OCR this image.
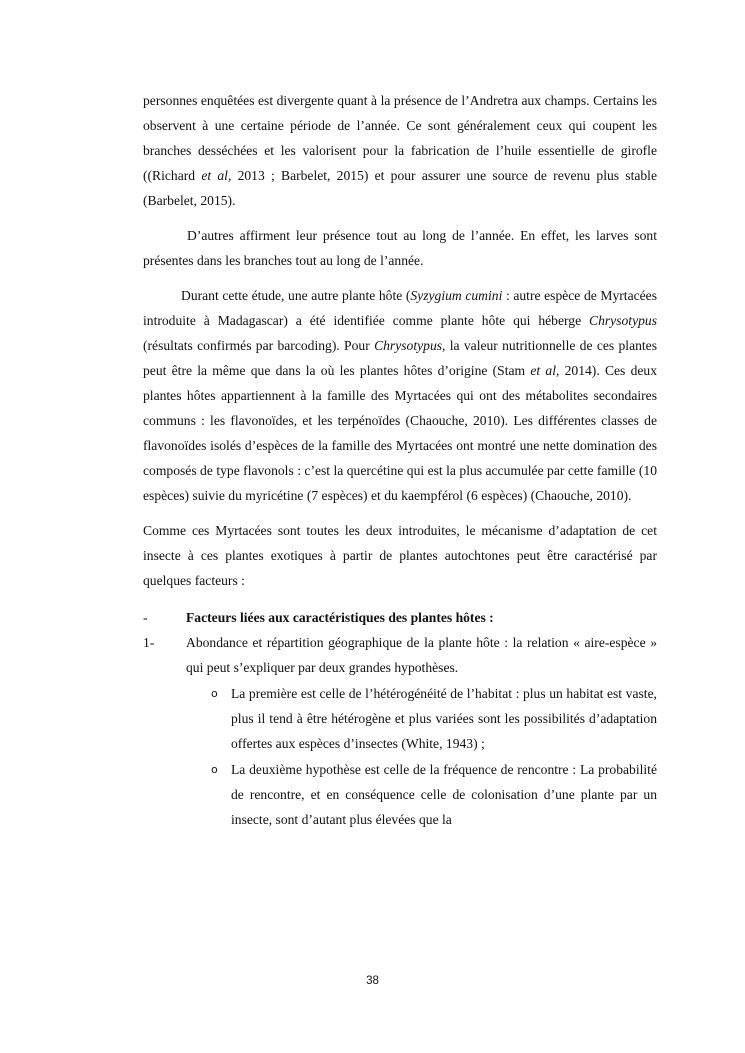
personnes enquêtées est divergente quant à la présence de l’Andretra aux champs. Certains les observent à une certaine période de l’année. Ce sont généralement ceux qui coupent les branches desséchées et les valorisent pour la fabrication de l’huile essentielle de girofle ((Richard et al, 2013 ; Barbelet, 2015) et pour assurer une source de revenu plus stable (Barbelet, 2015).

D’autres affirment leur présence tout au long de l’année. En effet, les larves sont présentes dans les branches tout au long de l’année.

Durant cette étude, une autre plante hôte (Syzygium cumini : autre espèce de Myrtacées introduite à Madagascar) a été identifiée comme plante hôte qui héberge Chrysotypus (résultats confirmés par barcoding). Pour Chrysotypus, la valeur nutritionnelle de ces plantes peut être la même que dans la où les plantes hôtes d’origine (Stam et al, 2014). Ces deux plantes hôtes appartiennent à la famille des Myrtacées qui ont des métabolites secondaires communs : les flavonoïdes, et les terpénoïdes (Chaouche, 2010). Les différentes classes de flavonoïdes isolés d’espèces de la famille des Myrtacées ont montré une nette domination des composés de type flavonols : c’est la quercétine qui est la plus accumulée par cette famille (10 espèces) suivie du myricétine (7 espèces) et du kaempférol (6 espèces) (Chaouche, 2010).

Comme ces Myrtacées sont toutes les deux introduites, le mécanisme d’adaptation de cet insecte à ces plantes exotiques à partir de plantes autochtones peut être caractérisé par quelques facteurs :

-	Facteurs liées aux caractéristiques des plantes hôtes :
1- Abondance et répartition géographique de la plante hôte : la relation « aire-espèce » qui peut s’expliquer par deux grandes hypothèses.
o La première est celle de l’hétérogénéité de l’habitat : plus un habitat est vaste, plus il tend à être hétérogène et plus variées sont les possibilités d’adaptation offertes aux espèces d’insectes (White, 1943) ;
o La deuxième hypothèse est celle de la fréquence de rencontre : La probabilité de rencontre, et en conséquence celle de colonisation d’une plante par un insecte, sont d’autant plus élevées que la
38
